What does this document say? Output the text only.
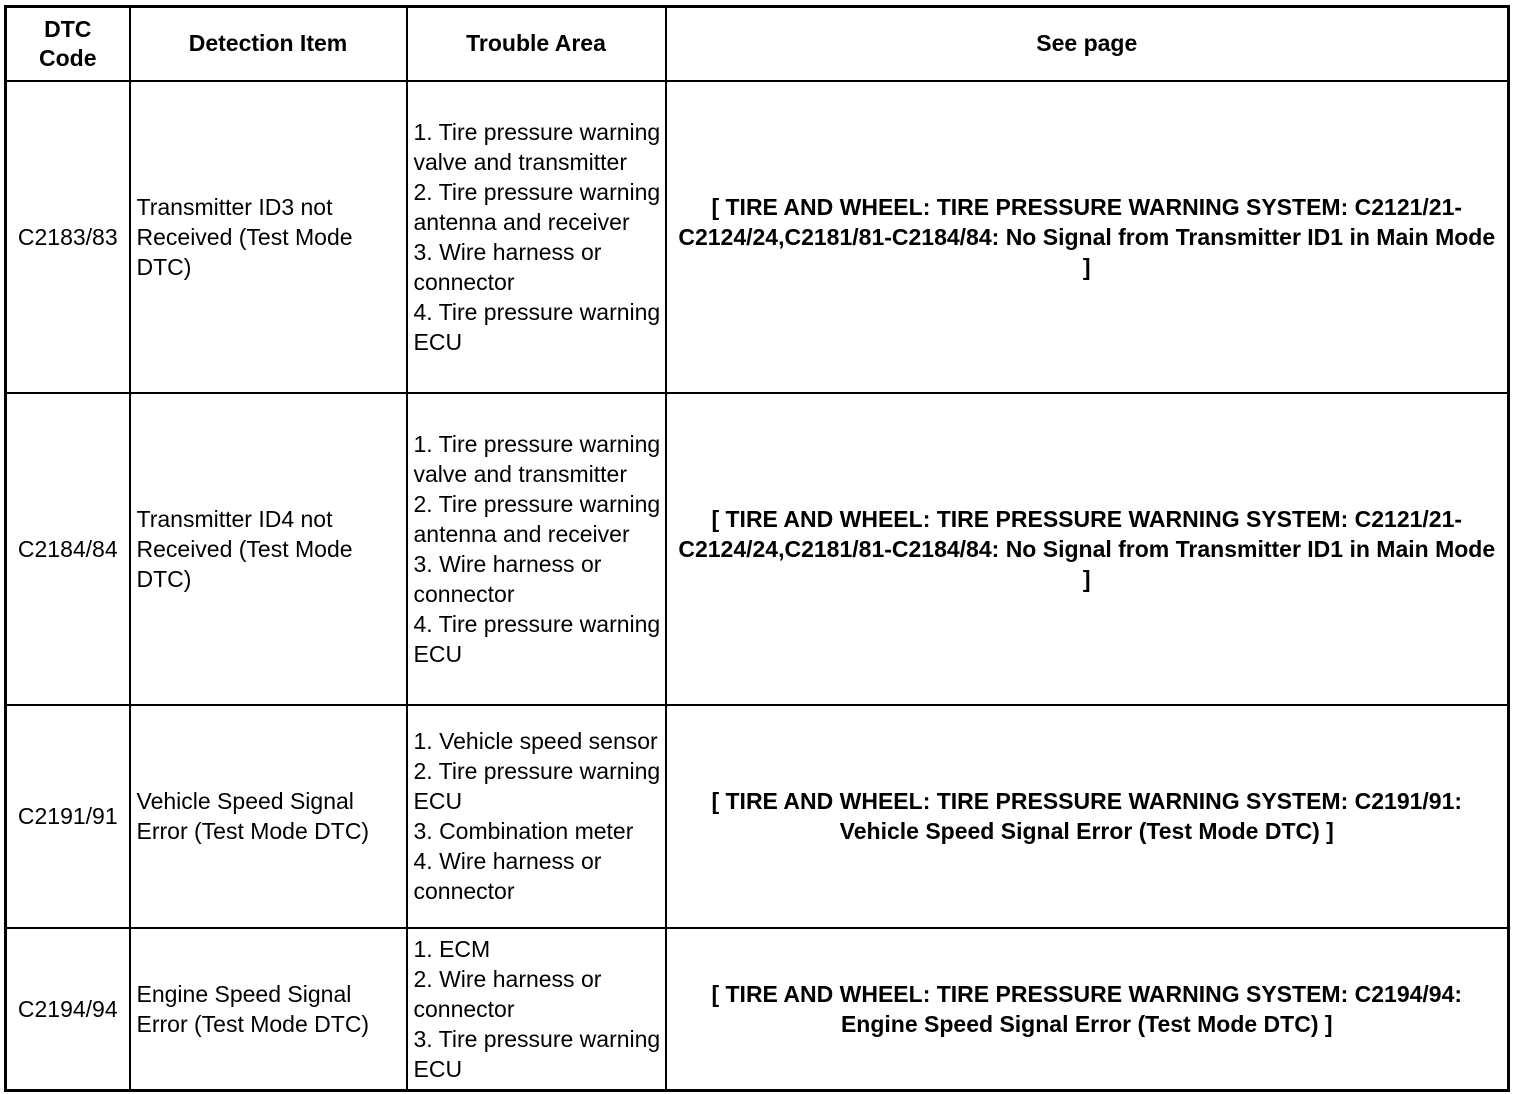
DTC Code	Detection Item	Trouble Area	See page
C2183/83	Transmitter ID3 not Received (Test Mode DTC)	1. Tire pressure warning valve and transmitter
2. Tire pressure warning antenna and receiver
3. Wire harness or connector
4. Tire pressure warning ECU	[ TIRE AND WHEEL: TIRE PRESSURE WARNING SYSTEM: C2121/21-C2124/24,C2181/81-C2184/84: No Signal from Transmitter ID1 in Main Mode ]
C2184/84	Transmitter ID4 not Received (Test Mode DTC)	1. Tire pressure warning valve and transmitter
2. Tire pressure warning antenna and receiver
3. Wire harness or connector
4. Tire pressure warning ECU	[ TIRE AND WHEEL: TIRE PRESSURE WARNING SYSTEM: C2121/21-C2124/24,C2181/81-C2184/84: No Signal from Transmitter ID1 in Main Mode ]
C2191/91	Vehicle Speed Signal Error (Test Mode DTC)	1. Vehicle speed sensor
2. Tire pressure warning ECU
3. Combination meter
4. Wire harness or connector	[ TIRE AND WHEEL: TIRE PRESSURE WARNING SYSTEM: C2191/91: Vehicle Speed Signal Error (Test Mode DTC) ]
C2194/94	Engine Speed Signal Error (Test Mode DTC)	1. ECM
2. Wire harness or connector
3. Tire pressure warning ECU	[ TIRE AND WHEEL: TIRE PRESSURE WARNING SYSTEM: C2194/94: Engine Speed Signal Error (Test Mode DTC) ]
